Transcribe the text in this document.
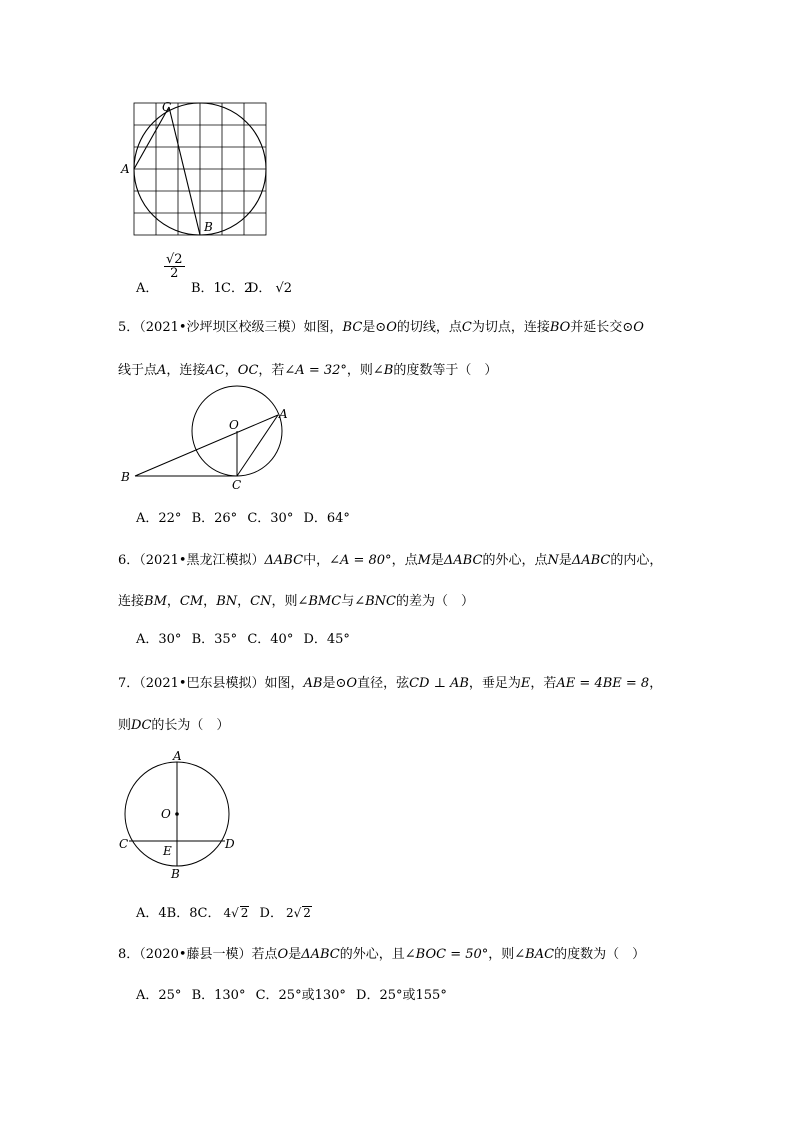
C
A
B
A．
$\frac{√2}{2}$
B．1 C．2
D． √2
5．（2021•沙坪坝区校级三模）如图，BC是⊙O的切线，点C为切点，连接BO并延长交⊙O
线于点A，连接AC，OC，若∠A = 32°，则∠B的度数等于（　）
O
A
B
C
A．22° B．26° C．30° D．64°
6．（2021•黑龙江模拟）ΔABC中，∠A = 80°，点M是ΔABC的外心，点N是ΔABC的内心，
连接BM，CM，BN，CN，则∠BMC与∠BNC的差为（　）
A．30° B．35° C．40° D．45°
7．（2021•巴东县模拟）如图，AB是⊙O直径，弦CD ⊥ AB，垂足为E，若AE = 4BE = 8，
则DC的长为（　）
A
O
C	D
E
B
A．4B．8C． 4√ 2 D． 2√ 2
8．（2020•藤县一模）若点O是ΔABC的外心，且∠BOC = 50°，则∠BAC的度数为（　）
A．25° B．130° C．25°或130° D．25°或155°
